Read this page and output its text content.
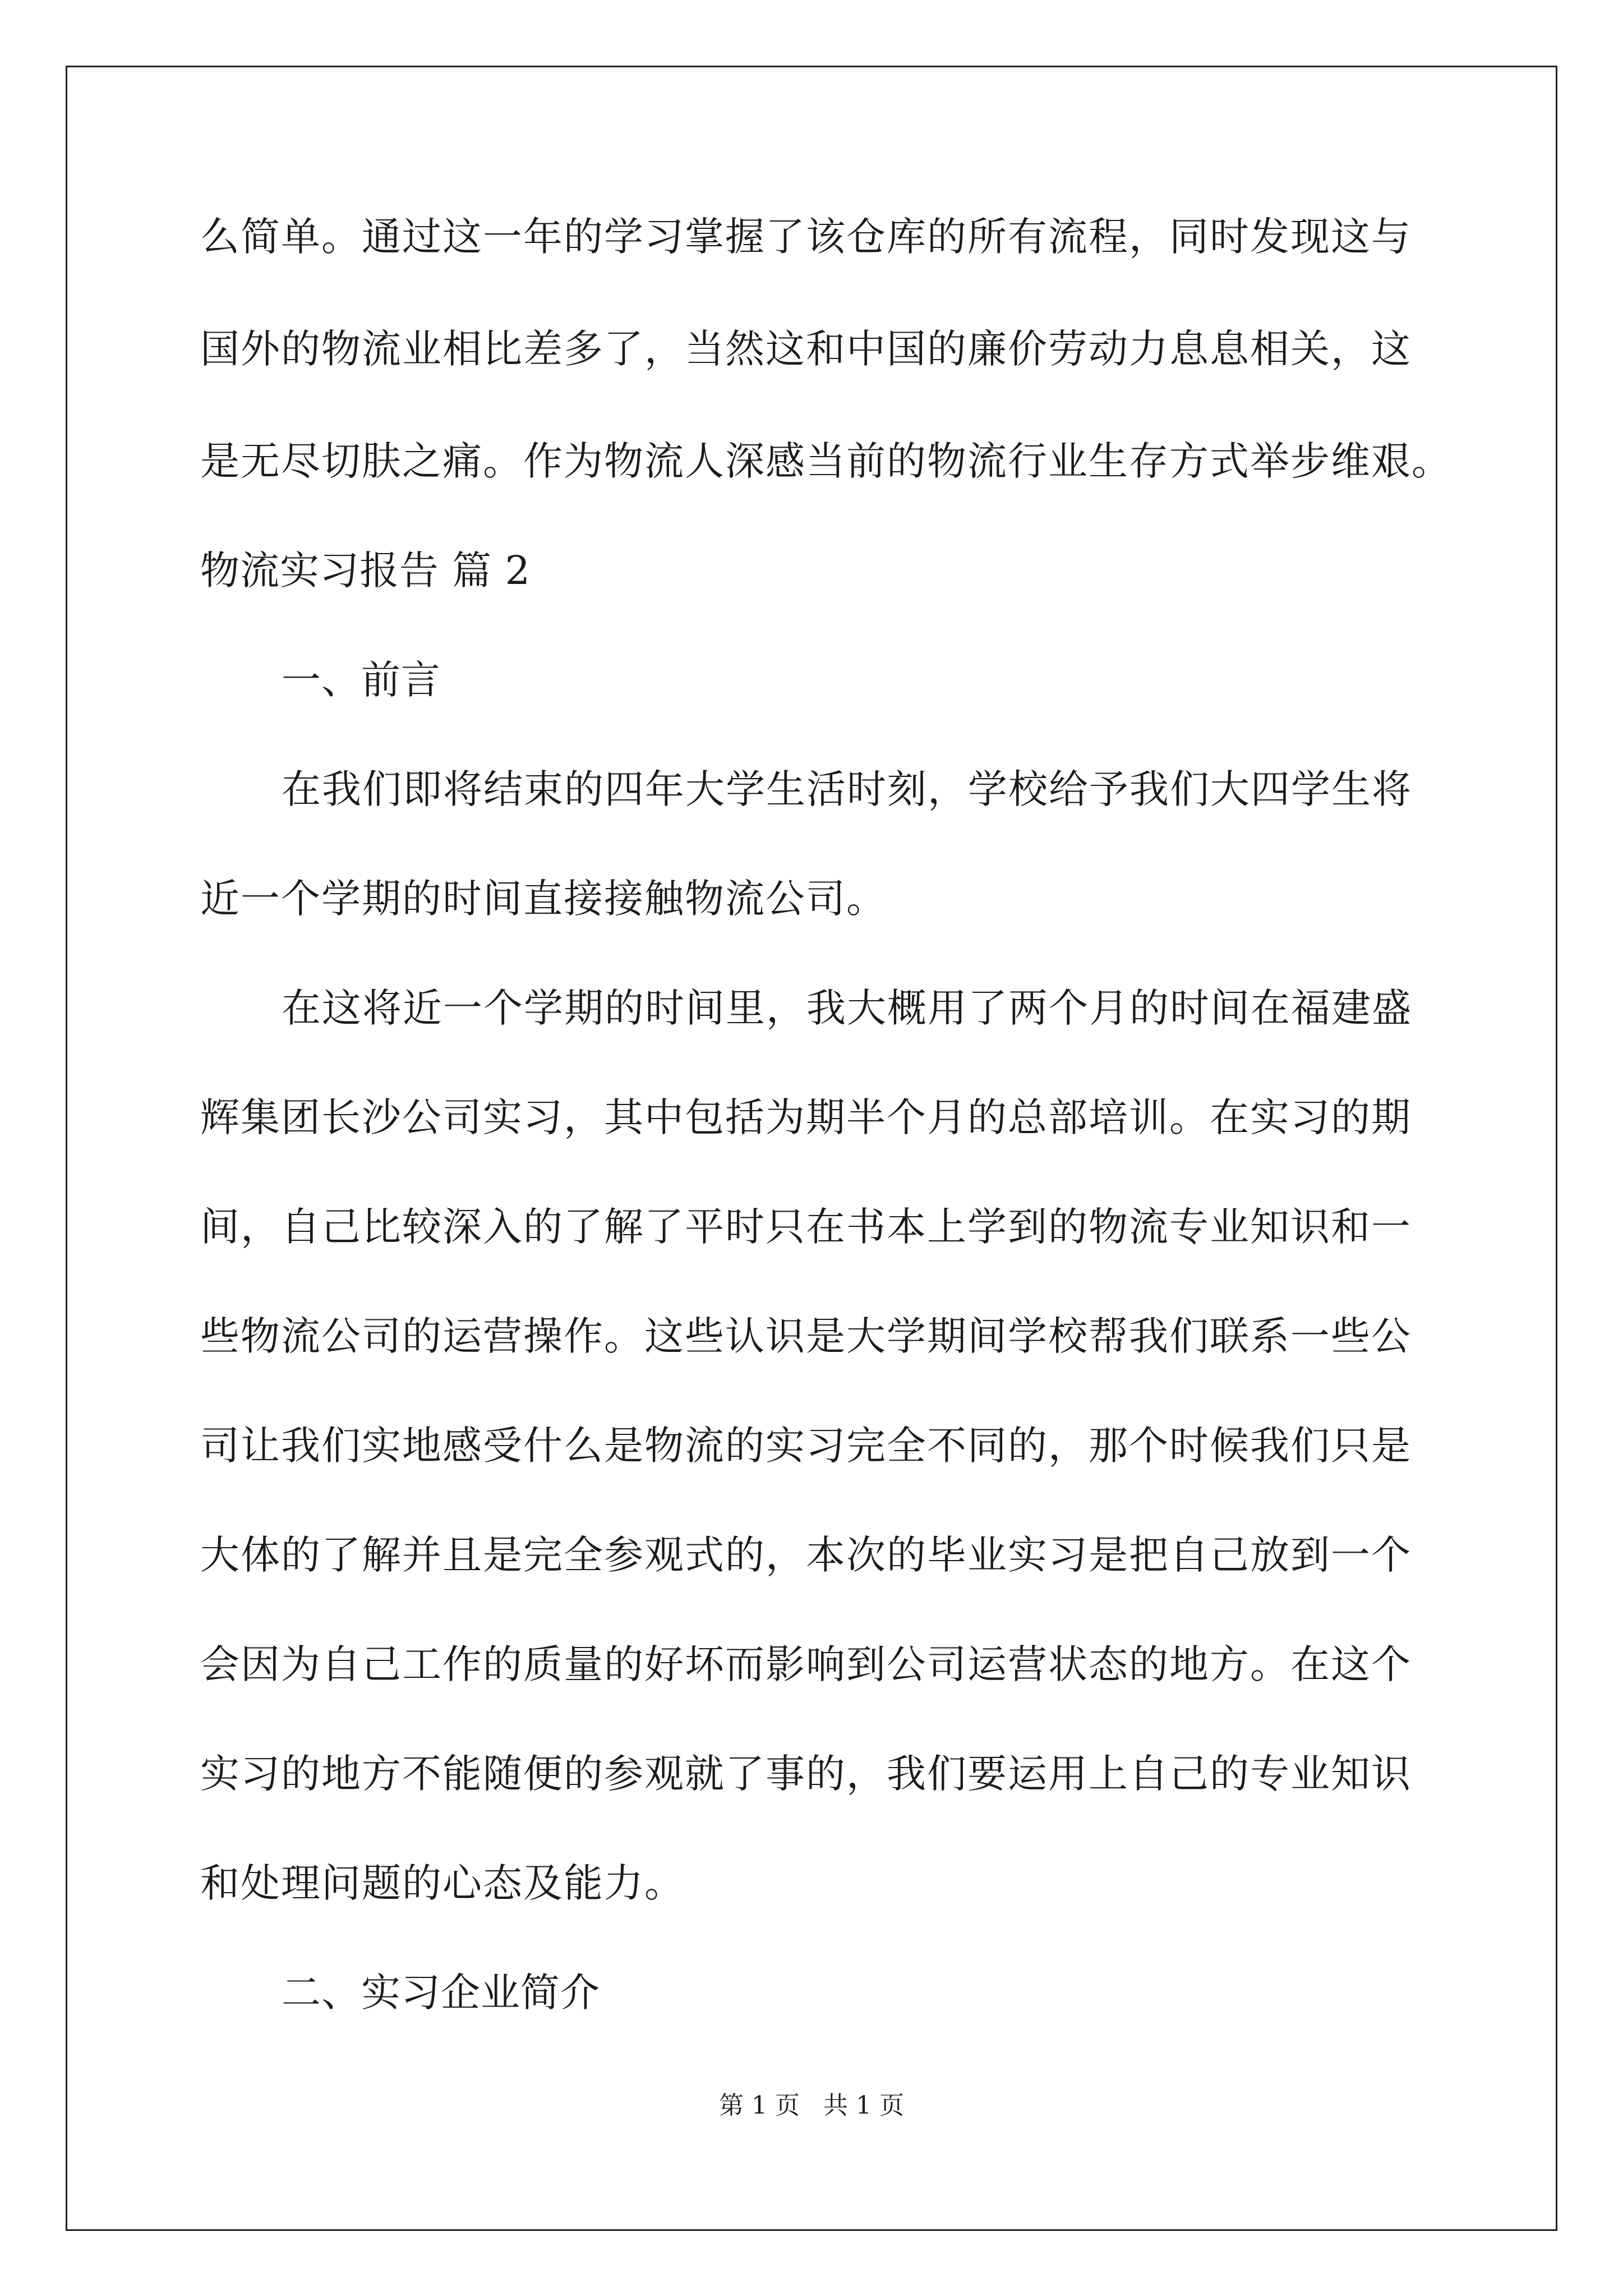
么简单。通过这一年的学习掌握了该仓库的所有流程，同时发现这与
国外的物流业相比差多了，当然这和中国的廉价劳动力息息相关，这
是无尽切肤之痛。作为物流人深感当前的物流行业生存方式举步维艰。
物流实习报告 篇 2
一、前言
在我们即将结束的四年大学生活时刻，学校给予我们大四学生将
近一个学期的时间直接接触物流公司。
在这将近一个学期的时间里，我大概用了两个月的时间在福建盛
辉集团长沙公司实习，其中包括为期半个月的总部培训。在实习的期
间，自己比较深入的了解了平时只在书本上学到的物流专业知识和一
些物流公司的运营操作。这些认识是大学期间学校帮我们联系一些公
司让我们实地感受什么是物流的实习完全不同的，那个时候我们只是
大体的了解并且是完全参观式的，本次的毕业实习是把自己放到一个
会因为自己工作的质量的好坏而影响到公司运营状态的地方。在这个
实习的地方不能随便的参观就了事的，我们要运用上自己的专业知识
和处理问题的心态及能力。
二、实习企业简介
第 1 页 共 1 页
